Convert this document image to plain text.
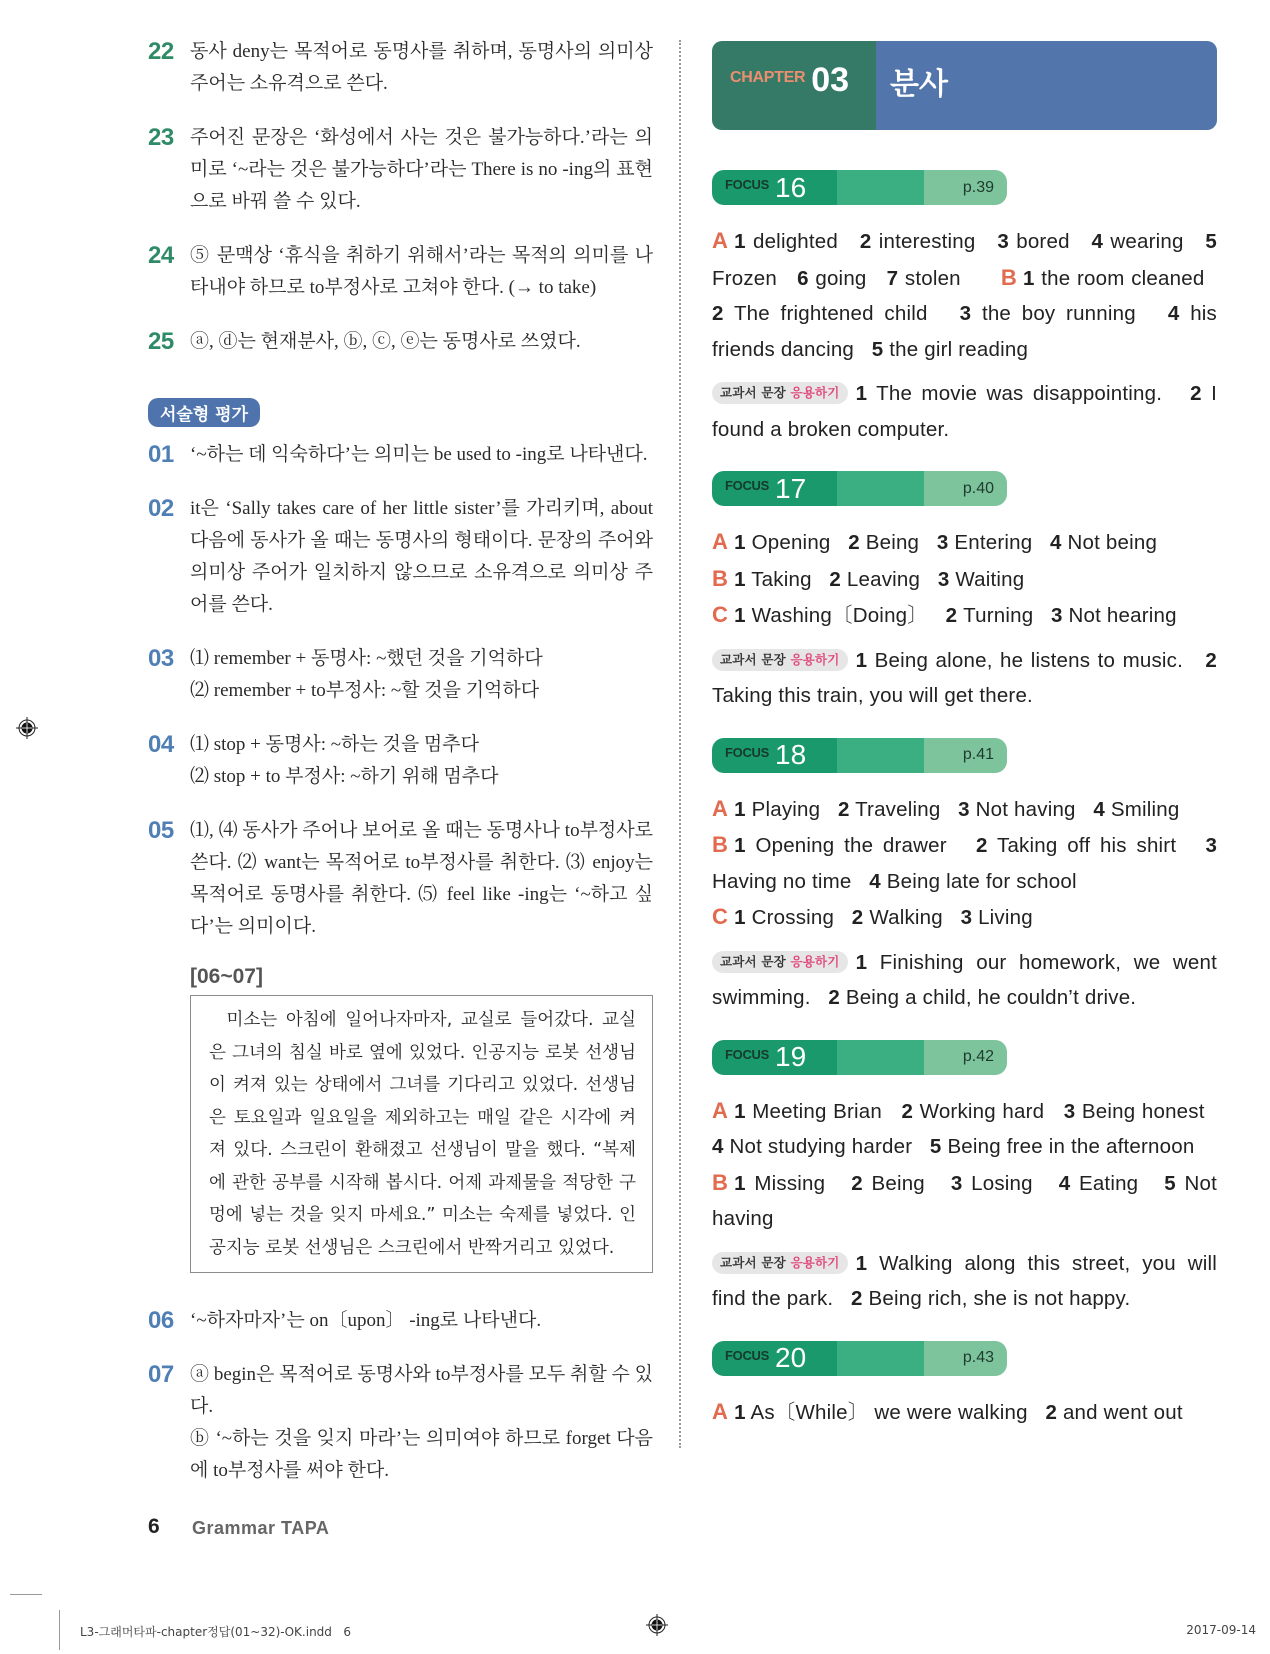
22 동사 deny는 목적어로 동명사를 취하며, 동명사의 의미상 주어는 소유격으로 쓴다.
23 주어진 문장은 ‘화성에서 사는 것은 불가능하다.’라는 의미로 ‘~라는 것은 불가능하다’라는 There is no -ing의 표현으로 바꿔 쓸 수 있다.
24 ⑤ 문맥상 ‘휴식을 취하기 위해서’라는 목적의 의미를 나타내야 하므로 to부정사로 고쳐야 한다. (→ to take)
25 ⓐ, ⓓ는 현재분사, ⓑ, ⓒ, ⓔ는 동명사로 쓰였다.
서술형 평가
01 ‘~하는 데 익숙하다’는 의미는 be used to -ing로 나타낸다.
02 it은 ‘Sally takes care of her little sister’를 가리키며, about 다음에 동사가 올 때는 동명사의 형태이다. 문장의 주어와 의미상 주어가 일치하지 않으므로 소유격으로 의미상 주어를 쓴다.
03 ⑴ remember + 동명사: ~했던 것을 기억하다
⑵ remember + to부정사: ~할 것을 기억하다
04 ⑴ stop + 동명사: ~하는 것을 멈추다
⑵ stop + to 부정사: ~하기 위해 멈추다
05 ⑴, ⑷ 동사가 주어나 보어로 올 때는 동명사나 to부정사로 쓴다. ⑵ want는 목적어로 to부정사를 취한다. ⑶ enjoy는 목적어로 동명사를 취한다. ⑸ feel like -ing는 ‘~하고 싶다’는 의미이다.
[06~07]
미소는 아침에 일어나자마자, 교실로 들어갔다. 교실은 그녀의 침실 바로 옆에 있었다. 인공지능 로봇 선생님이 켜져 있는 상태에서 그녀를 기다리고 있었다. 선생님은 토요일과 일요일을 제외하고는 매일 같은 시각에 켜져 있다. 스크린이 환해졌고 선생님이 말을 했다. “복제에 관한 공부를 시작해 봅시다. 어제 과제물을 적당한 구멍에 넣는 것을 잊지 마세요.” 미소는 숙제를 넣었다. 인공지능 로봇 선생님은 스크린에서 반짝거리고 있었다.
06 ‘~하자마자’는 on〔upon〕 -ing로 나타낸다.
07 ⓐ begin은 목적어로 동명사와 to부정사를 모두 취할 수 있다.
ⓑ ‘~하는 것을 잊지 마라’는 의미여야 하므로 forget 다음에 to부정사를 써야 한다.
CHAPTER 03	분사
FOCUS 16	p.39
A 1 delighted 2 interesting 3 bored 4 wearing 5 Frozen 6 going 7 stolen B 1 the room cleaned   2 The frightened child 3 the boy running 4 his friends dancing 5 the girl reading
교과서 문장 응용하기 1 The movie was disappointing. 2 I found a broken computer.
FOCUS 17	p.40
A 1 Opening 2 Being 3 Entering 4 Not being
B 1 Taking 2 Leaving 3 Waiting
C 1 Washing〔Doing〕 2 Turning 3 Not hearing
교과서 문장 응용하기 1 Being alone, he listens to music. 2 Taking this train, you will get there.
FOCUS 18	p.41
A 1 Playing 2 Traveling 3 Not having 4 Smiling
B 1 Opening the drawer 2 Taking off his shirt 3 Having no time 4 Being late for school
C 1 Crossing 2 Walking 3 Living
교과서 문장 응용하기 1 Finishing our homework, we went swimming. 2 Being a child, he couldn’t drive.
FOCUS 19	p.42
A 1 Meeting Brian 2 Working hard 3 Being honest   4 Not studying harder 5 Being free in the afternoon
B 1 Missing 2 Being 3 Losing 4 Eating 5 Not having
교과서 문장 응용하기 1 Walking along this street, you will find the park. 2 Being rich, she is not happy.
FOCUS 20	p.43
A 1 As〔While〕 we were walking 2 and went out
6 Grammar TAPA
L3-그래머타파-chapter정답(01~32)-OK.indd   6	2017-09-14
